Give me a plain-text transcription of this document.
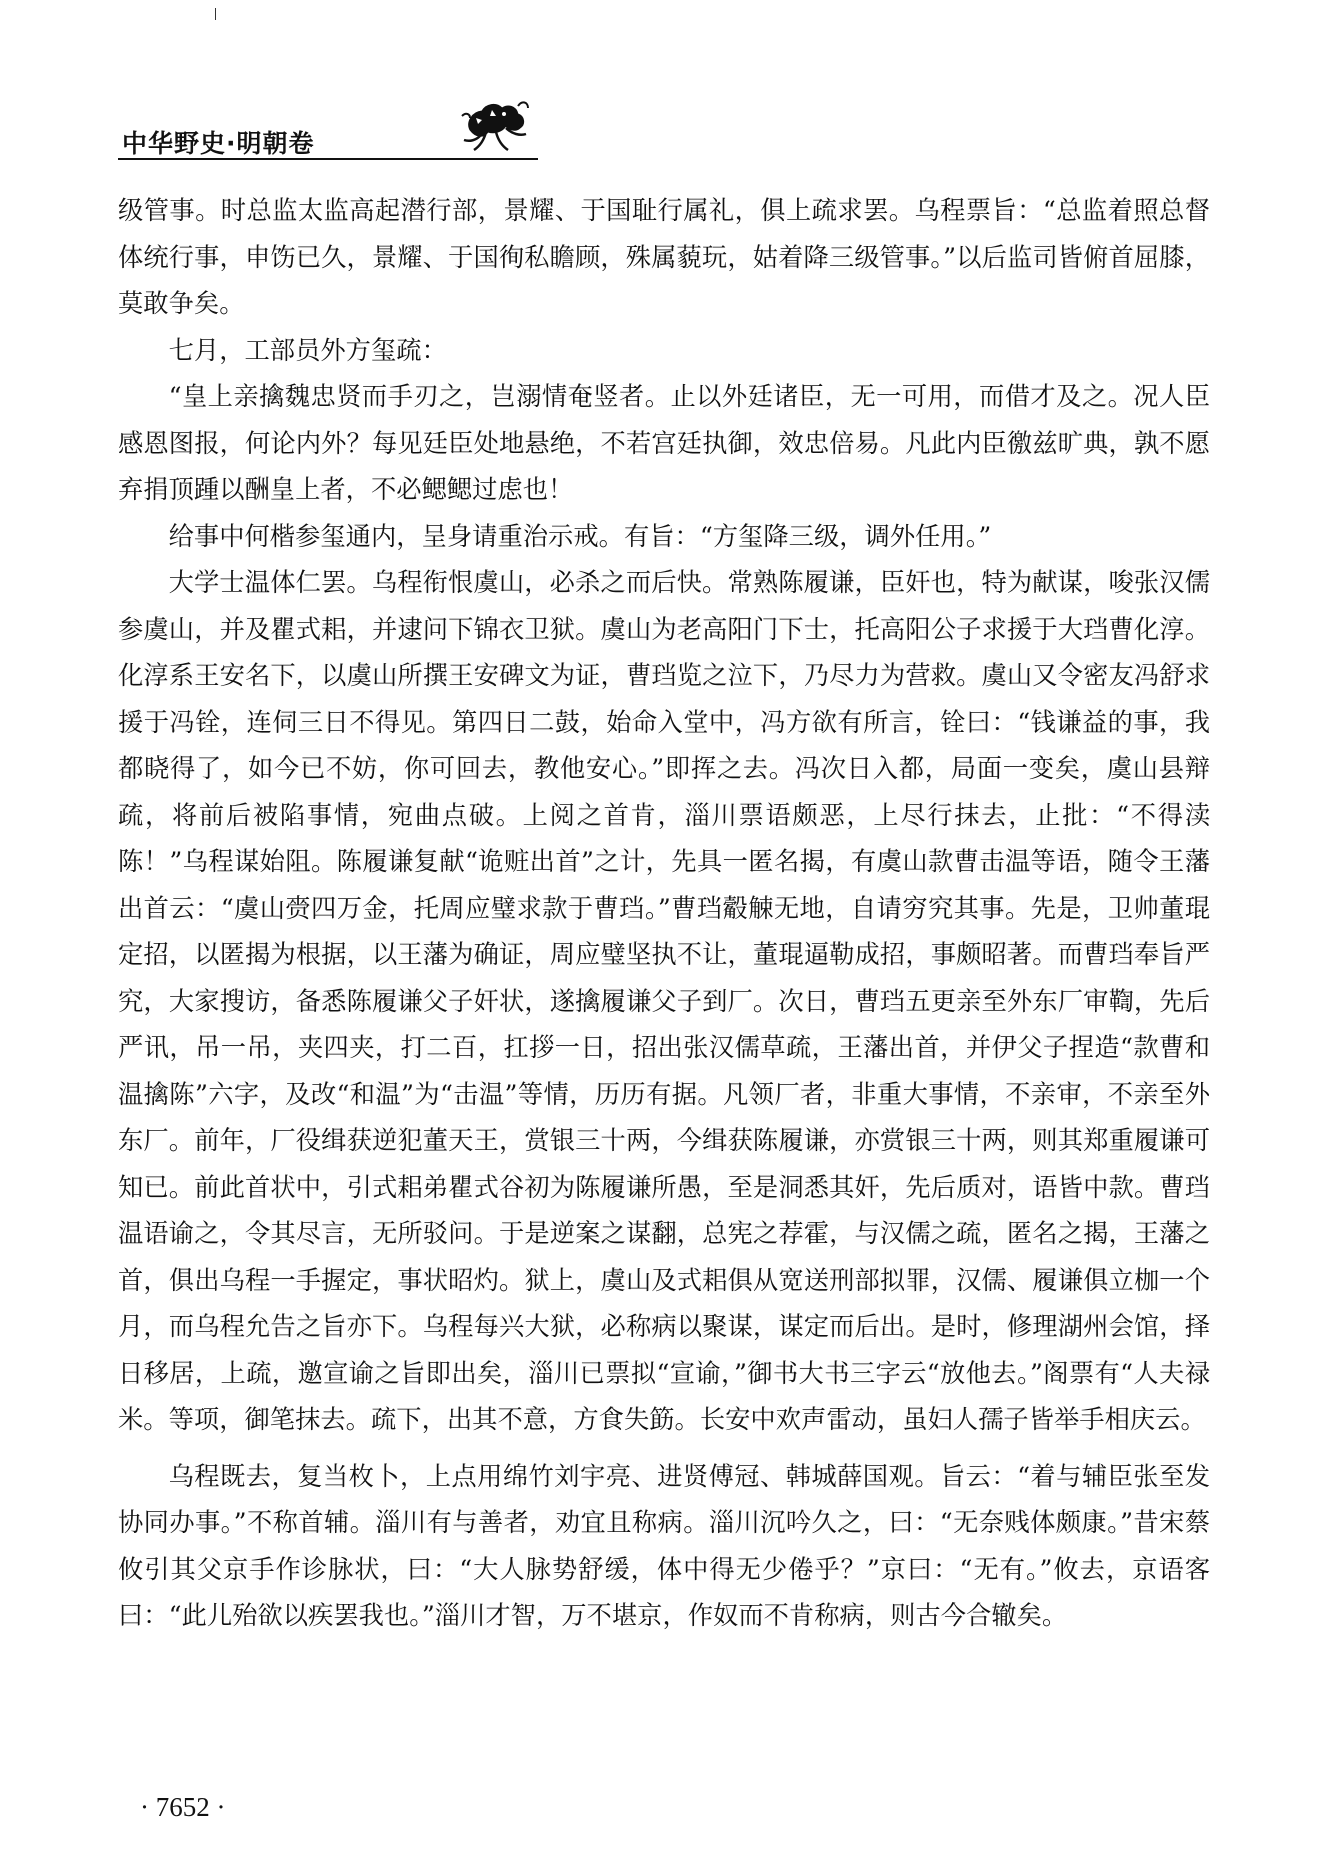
中华野史·明朝卷

级管事。时总监太监高起潜行部，景耀、于国耻行属礼，俱上疏求罢。乌程票旨：“总监着照总督体统行事，申饬已久，景耀、于国徇私瞻顾，殊属藐玩，姑着降三级管事。”以后监司皆俯首屈膝，莫敢争矣。

七月，工部员外方玺疏：

“皇上亲擒魏忠贤而手刃之，岂溺情奄竖者。止以外廷诸臣，无一可用，而借才及之。况人臣感恩图报，何论内外？每见廷臣处地悬绝，不若宫廷执御，效忠倍易。凡此内臣徼兹旷典，孰不愿弃捐顶踵以酬皇上者，不必鳃鳃过虑也！

给事中何楷参玺通内，呈身请重治示戒。有旨：“方玺降三级，调外任用。”

大学士温体仁罢。乌程衔恨虞山，必杀之而后快。常熟陈履谦，臣奸也，特为献谋，唆张汉儒参虞山，并及瞿式耜，并逮问下锦衣卫狱。虞山为老高阳门下士，托高阳公子求援于大珰曹化淳。化淳系王安名下，以虞山所撰王安碑文为证，曹珰览之泣下，乃尽力为营救。虞山又令密友冯舒求援于冯铨，连伺三日不得见。第四日二鼓，始命入堂中，冯方欲有所言，铨曰：“钱谦益的事，我都晓得了，如今已不妨，你可回去，教他安心。”即挥之去。冯次日入都，局面一变矣，虞山县辩疏，将前后被陷事情，宛曲点破。上阅之首肯，淄川票语颇恶，上尽行抹去，止批：“不得渎陈！”乌程谋始阻。陈履谦复献“诡赃出首”之计，先具一匿名揭，有虞山款曹击温等语，随令王藩出首云：“虞山赍四万金，托周应璧求款于曹珰。”曹珰觳觫无地，自请穷究其事。先是，卫帅董琨定招，以匿揭为根据，以王藩为确证，周应璧坚执不让，董琨逼勒成招，事颇昭著。而曹珰奉旨严究，大家搜访，备悉陈履谦父子奸状，遂擒履谦父子到厂。次日，曹珰五更亲至外东厂审鞫，先后严讯，吊一吊，夹四夹，打二百，扛拶一日，招出张汉儒草疏，王藩出首，并伊父子捏造“款曹和温擒陈”六字，及改“和温”为“击温”等情，历历有据。凡领厂者，非重大事情，不亲审，不亲至外东厂。前年，厂役缉获逆犯董天王，赏银三十两，今缉获陈履谦，亦赏银三十两，则其郑重履谦可知已。前此首状中，引式耜弟瞿式谷初为陈履谦所愚，至是洞悉其奸，先后质对，语皆中款。曹珰温语谕之，令其尽言，无所驳问。于是逆案之谋翻，总宪之荐霍，与汉儒之疏，匿名之揭，王藩之首，俱出乌程一手握定，事状昭灼。狱上，虞山及式耜俱从宽送刑部拟罪，汉儒、履谦俱立枷一个月，而乌程允告之旨亦下。乌程每兴大狱，必称病以聚谋，谋定而后出。是时，修理湖州会馆，择日移居，上疏，邀宣谕之旨即出矣，淄川已票拟“宣谕，”御书大书三字云“放他去。”阁票有“人夫禄米。等项，御笔抹去。疏下，出其不意，方食失筯。长安中欢声雷动，虽妇人孺子皆举手相庆云。

乌程既去，复当枚卜，上点用绵竹刘宇亮、进贤傅冠、韩城薛国观。旨云：“着与辅臣张至发协同办事。”不称首辅。淄川有与善者，劝宜且称病。淄川沉吟久之，曰：“无奈贱体颇康。”昔宋蔡攸引其父京手作诊脉状，曰：“大人脉势舒缓，体中得无少倦乎？”京曰：“无有。”攸去，京语客曰：“此儿殆欲以疾罢我也。”淄川才智，万不堪京，作奴而不肯称病，则古今合辙矣。

· 7652 ·
